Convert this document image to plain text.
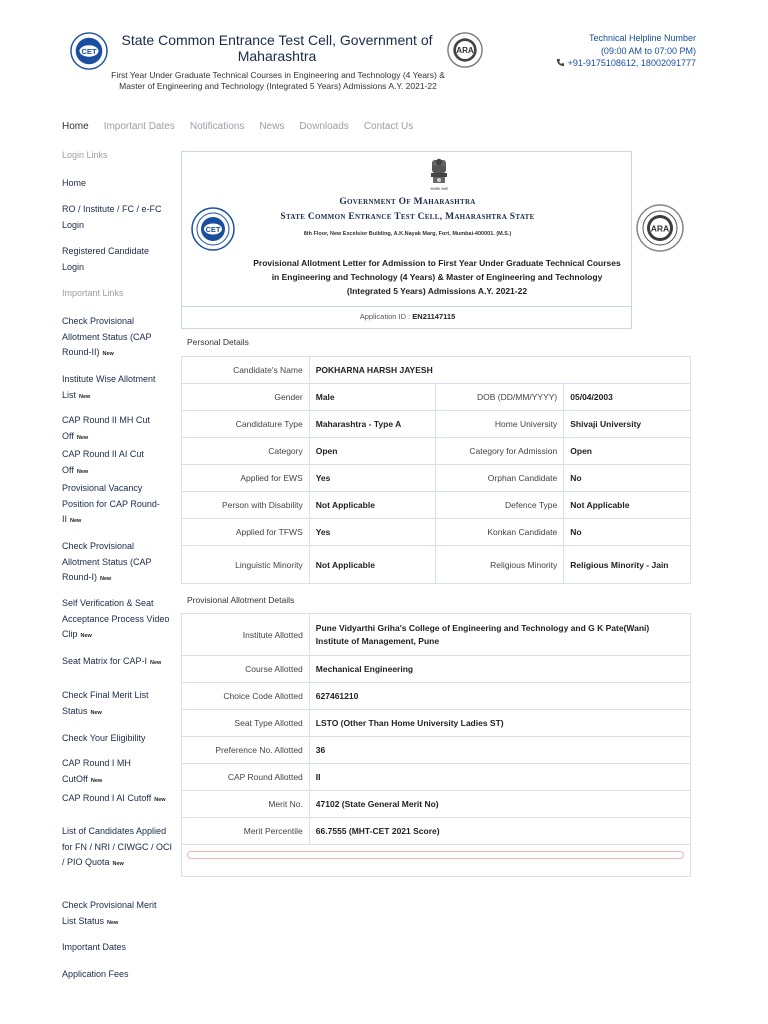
CET
State Common Entrance Test Cell, Government of Maharashtra	ARA
First Year Under Graduate Technical Courses in Engineering and Technology (4 Years) & Master of Engineering and Technology (Integrated 5 Years) Admissions A.Y. 2021-22
Technical Helpline Number
(09:00 AM to 07:00 PM)
+91-9175108612, 18002091777
Home Important Dates Notifications News Downloads Contact Us
Login Links
Home
RO / Institute / FC / e-FC Login
Registered Candidate Login
Important Links
Check Provisional Allotment Status (CAP Round-II) New
Institute Wise Allotment List New
CAP Round II MH Cut Off New
CAP Round II AI Cut Off New
Provisional Vacancy Position for CAP Round-II New
Check Provisional Allotment Status (CAP Round-I) New
Self Verification & Seat Acceptance Process Video Clip New
Seat Matrix for CAP-I New
Check Final Merit List Status New
Check Your Eligibility
CAP Round I MH CutOff New
CAP Round I AI Cutoff New
List of Candidates Applied for FN / NRI / CIWGC / OCI / PIO Quota New
Check Provisional Merit List Status New
Important Dates
Application Fees
सत्यमेव जयते
Government Of Maharashtra
State Common Entrance Test Cell, Maharashtra State
8th Floor, New Excelsior Building, A.K.Nayak Marg, Fort, Mumbai-400001. (M.S.)
Provisional Allotment Letter for Admission to First Year Under Graduate Technical Courses in Engineering and Technology (4 Years) & Master of Engineering and Technology (Integrated 5 Years) Admissions A.Y. 2021-22
Application ID : EN21147115
CET	ARA
Personal Details
Candidate's Name	POKHARNA HARSH JAYESH		
Gender	Male	DOB (DD/MM/YYYY)	05/04/2003
Candidature Type	Maharashtra - Type A	Home University	Shivaji University
Category	Open	Category for Admission	Open
Applied for EWS	Yes	Orphan Candidate	No
Person with Disability	Not Applicable	Defence Type	Not Applicable
Applied for TFWS	Yes	Konkan Candidate	No
Linguistic Minority	Not Applicable	Religious Minority	Religious Minority - Jain
Provisional Allotment Details
Institute Allotted	Pune Vidyarthi Griha's College of Engineering and Technology and G K Pate(Wani) Institute of Management, Pune
Course Allotted	Mechanical Engineering
Choice Code Allotted	627461210
Seat Type Allotted	LSTO (Other Than Home University Ladies ST)
Preference No. Allotted	36
CAP Round Allotted	II
Merit No.	47102 (State General Merit No)
Merit Percentile	66.7555 (MHT-CET 2021 Score)
